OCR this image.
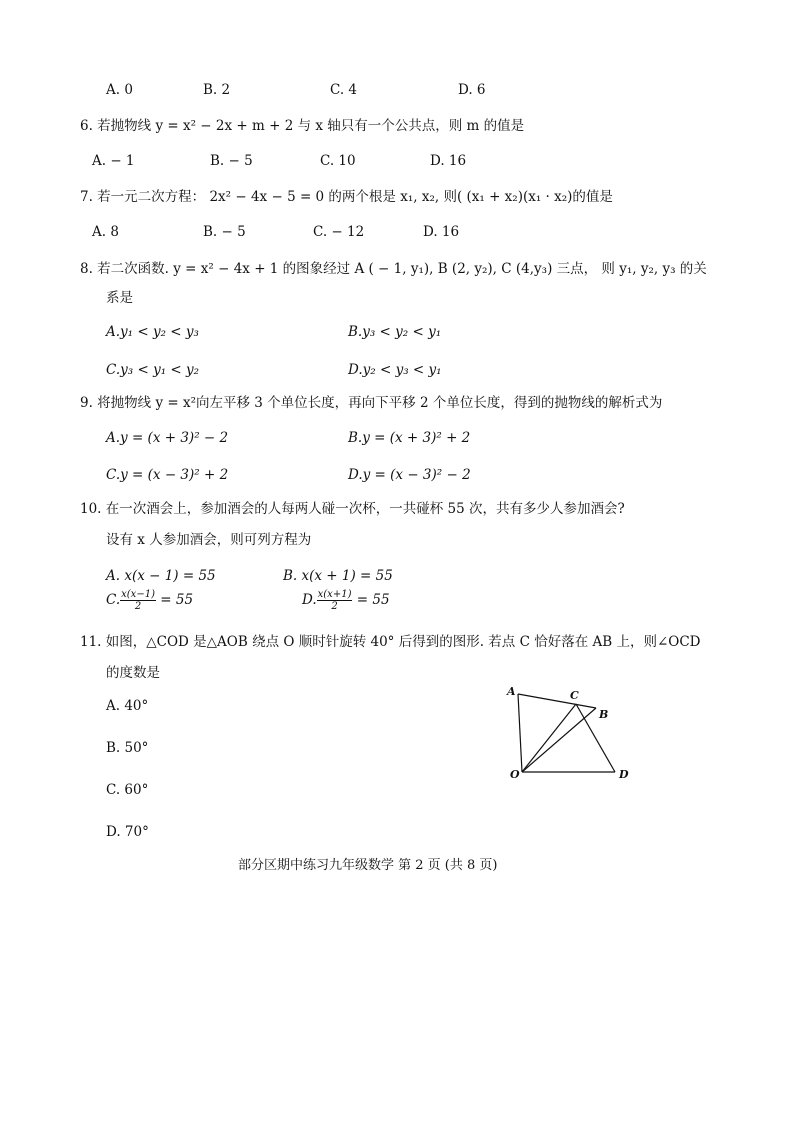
A. 0	B. 2	C. 4	D. 6
6. 若抛物线 y = x² − 2x + m + 2 与 x 轴只有一个公共点，则 m 的值是
A. − 1	B. − 5	C. 10	D. 16
7. 若一元二次方程： 2x² − 4x − 5 = 0 的两个根是 x₁, x₂, 则( (x₁ + x₂)(x₁ · x₂)的值是
A. 8	B. − 5	C. − 12	D. 16
8. 若二次函数. y = x² − 4x + 1 的图象经过 A ( − 1, y₁), B (2, y₂), C (4,y₃) 三点， 则 y₁, y₂, y₃ 的关
系是
A.y₁ < y₂ < y₃	B.y₃ < y₂ < y₁
C.y₃ < y₁ < y₂	D.y₂ < y₃ < y₁
9. 将抛物线 y = x²向左平移 3 个单位长度，再向下平移 2 个单位长度，得到的抛物线的解析式为
A.y = (x + 3)² − 2	B.y = (x + 3)² + 2
C.y = (x − 3)² + 2	D.y = (x − 3)² − 2
10. 在一次酒会上，参加酒会的人每两人碰一次杯，一共碰杯 55 次，共有多少人参加酒会?
设有 x 人参加酒会，则可列方程为
A. x(x − 1) = 55	B. x(x + 1) = 55
C. $\frac{x(x-1)}{2} = 55$	D. $\frac{x(x+1)}{2} = 55$
11. 如图，△COD 是△AOB 绕点 O 顺时针旋转 40° 后得到的图形. 若点 C 恰好落在 AB 上，则∠OCD
的度数是
A. 40°
B. 50°
C. 60°
D. 70°
A	C
B
O	D
部分区期中练习九年级数学 第 2 页 (共 8 页)
